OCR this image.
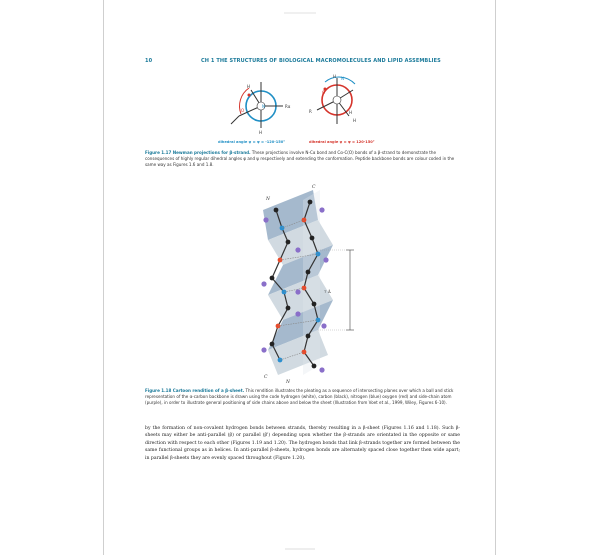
10	CH 1 THE STRUCTURES OF BIOLOGICAL MACROMOLECULES AND LIPID ASSEMBLIES
N
H
H
O
Rα
H N
O
R	H
H
dihedral angle φ = ψ = -120-150°	dihedral angle φ = ψ = 120-150°
Figure 1.17 Newman projections for β-strand. These projections involve N-Cα bond and Cα-C(O) bonds of a β-strand to demonstrate the consequences of highly regular dihedral angles φ and ψ respectively and extending the conformation. Peptide backbone bonds are colour coded in the same way as Figures 1.6 and 1.8.
7 Å
N
C
C
N
Figure 1.18 Cartoon rendition of a β-sheet. This rendition illustrates the pleating as a sequence of intersecting planes over which a ball and stick representation of the α-carbon backbone is drawn using the code hydrogen (white), carbon (black), nitrogen (blue) oxygen (red) and side-chain atom (purple), in order to illustrate general positioning of side chains above and below the sheet (Illustration from Voet et al., 1999, Wiley, Figures 6-10).
by the formation of non-covalent hydrogen bonds between strands, thereby resulting in a β-sheet (Figures 1.16 and 1.18). Such β-sheets may either be anti-parallel (β) or parallel (β') depending upon whether the β-strands are orientated in the opposite or same direction with respect to each other (Figures 1.19 and 1.20). The hydrogen bonds that link β-strands together are formed between the same functional groups as in helices. In anti-parallel β-sheets, hydrogen bonds are alternately spaced close together then wide apart; in parallel β-sheets they are evenly spaced throughout (Figure 1.20).
